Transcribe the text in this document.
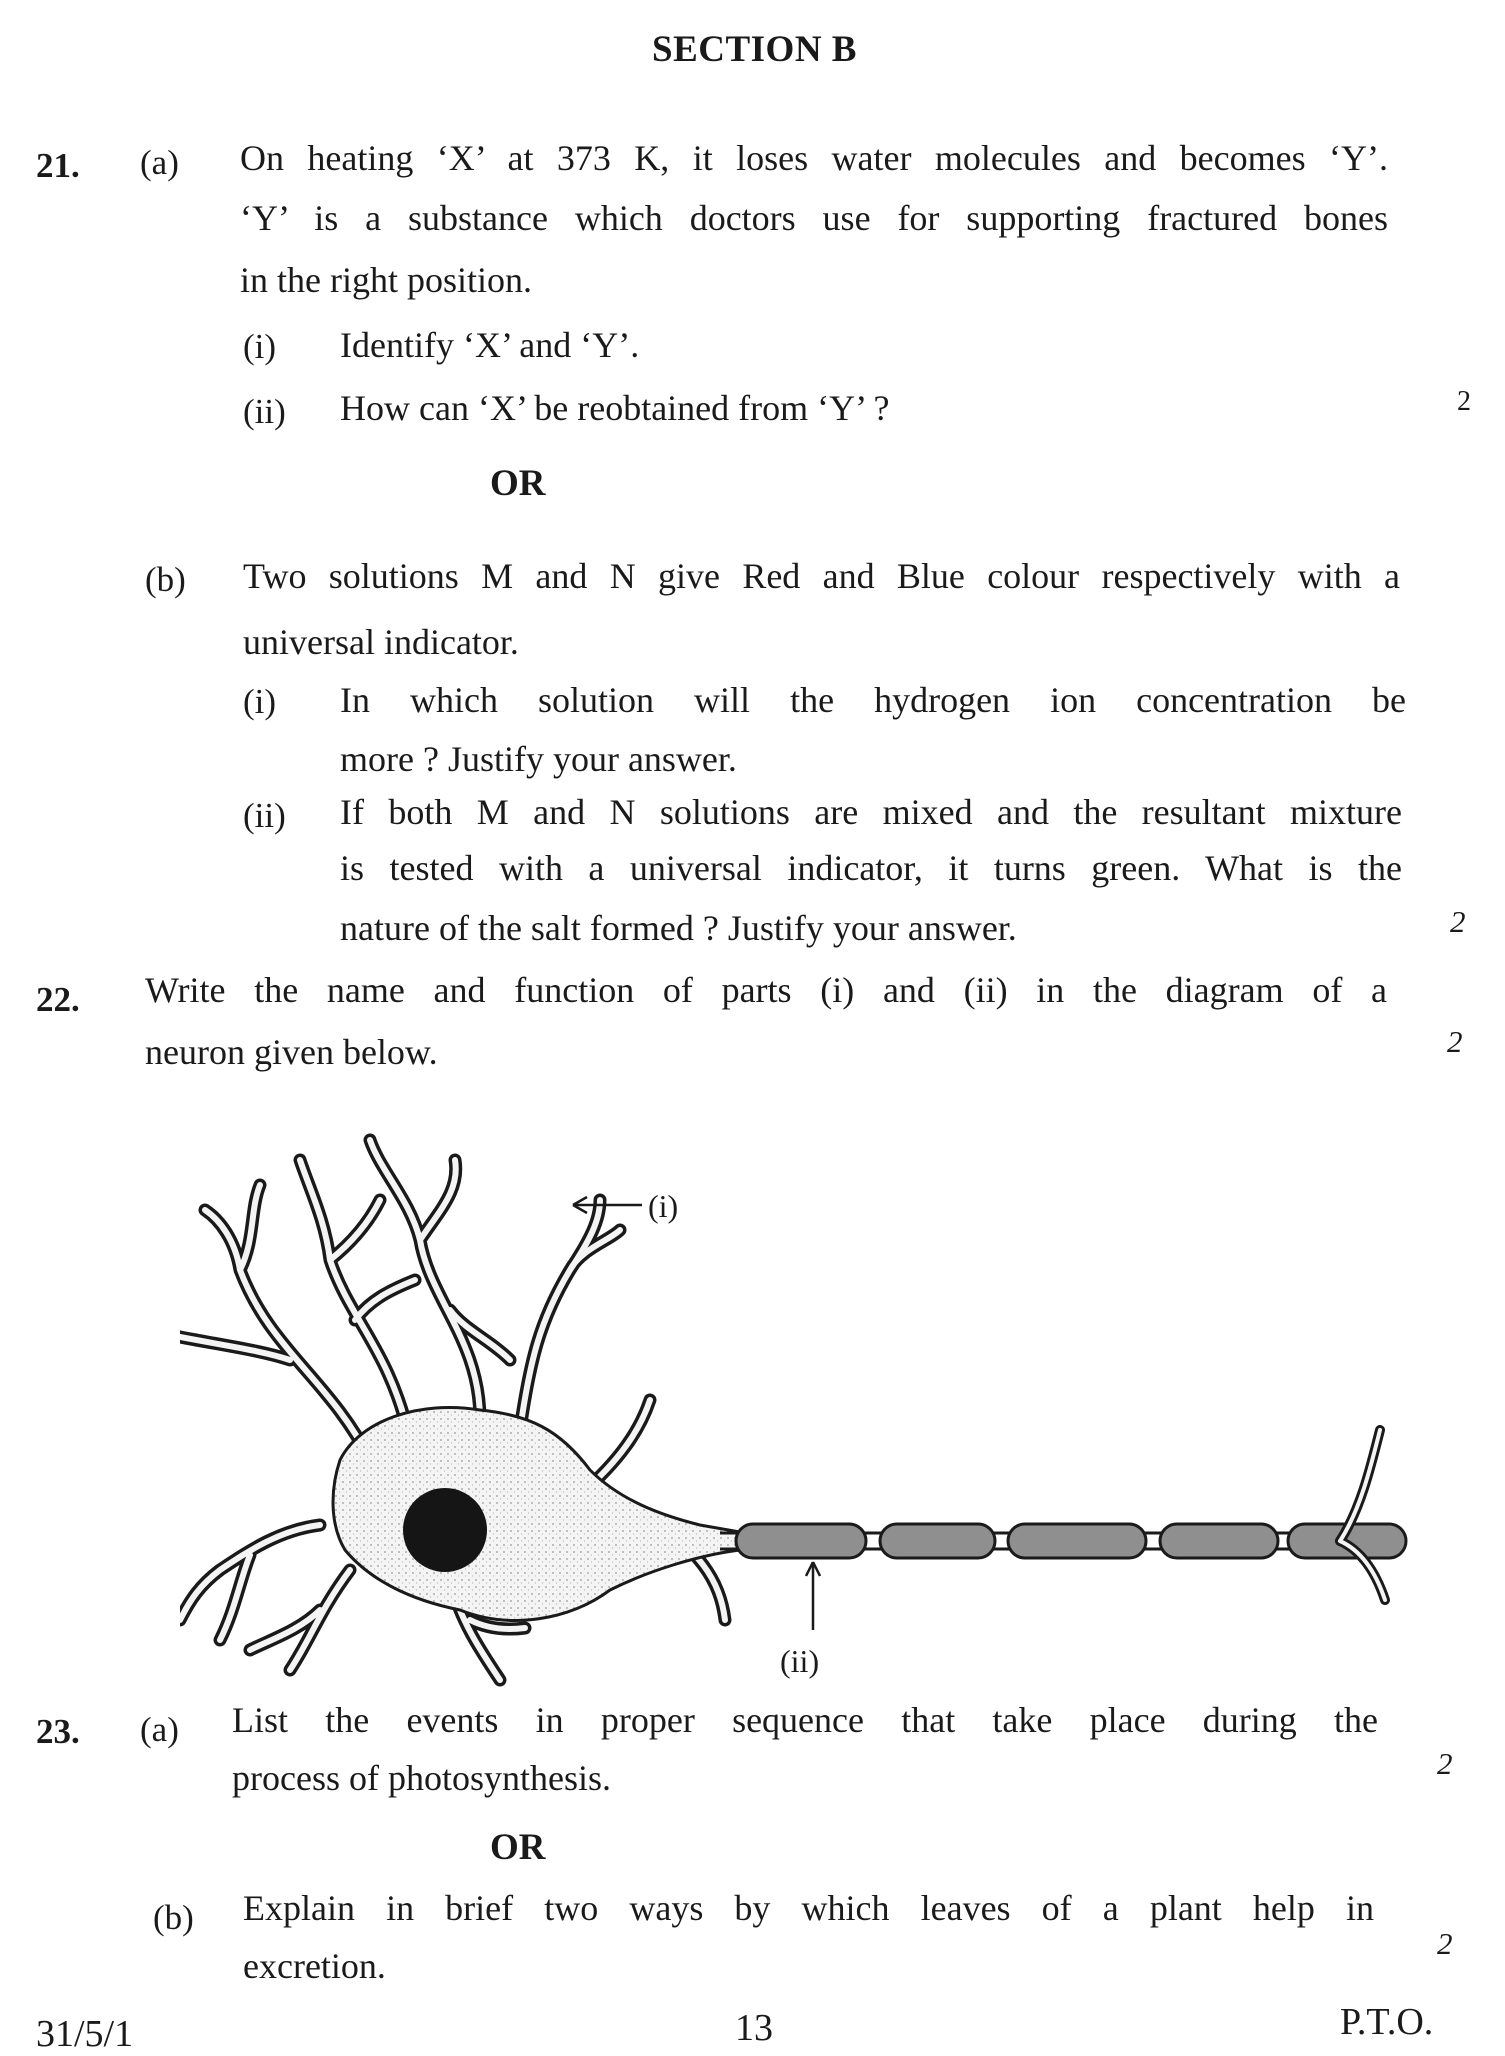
SECTION B
21. (a) On heating ‘X’ at 373 K, it loses water molecules and becomes ‘Y’.
‘Y’ is a substance which doctors use for supporting fractured bones
in the right position.
(i) Identify ‘X’ and ‘Y’.
(ii) How can ‘X’ be reobtained from ‘Y’ ?	2
OR
(b) Two solutions M and N give Red and Blue colour respectively with a
universal indicator.
(i) In which solution will the hydrogen ion concentration be
more ? Justify your answer.
(ii) If both M and N solutions are mixed and the resultant mixture
is tested with a universal indicator, it turns green. What is the
nature of the salt formed ? Justify your answer.	2
22. Write the name and function of parts (i) and (ii) in the diagram of a
neuron given below.	2
(i)
(ii)
23. (a) List the events in proper sequence that take place during the
process of photosynthesis.	2
OR
(b) Explain in brief two ways by which leaves of a plant help in
excretion.
2
31/5/1	13	P.T.O.
